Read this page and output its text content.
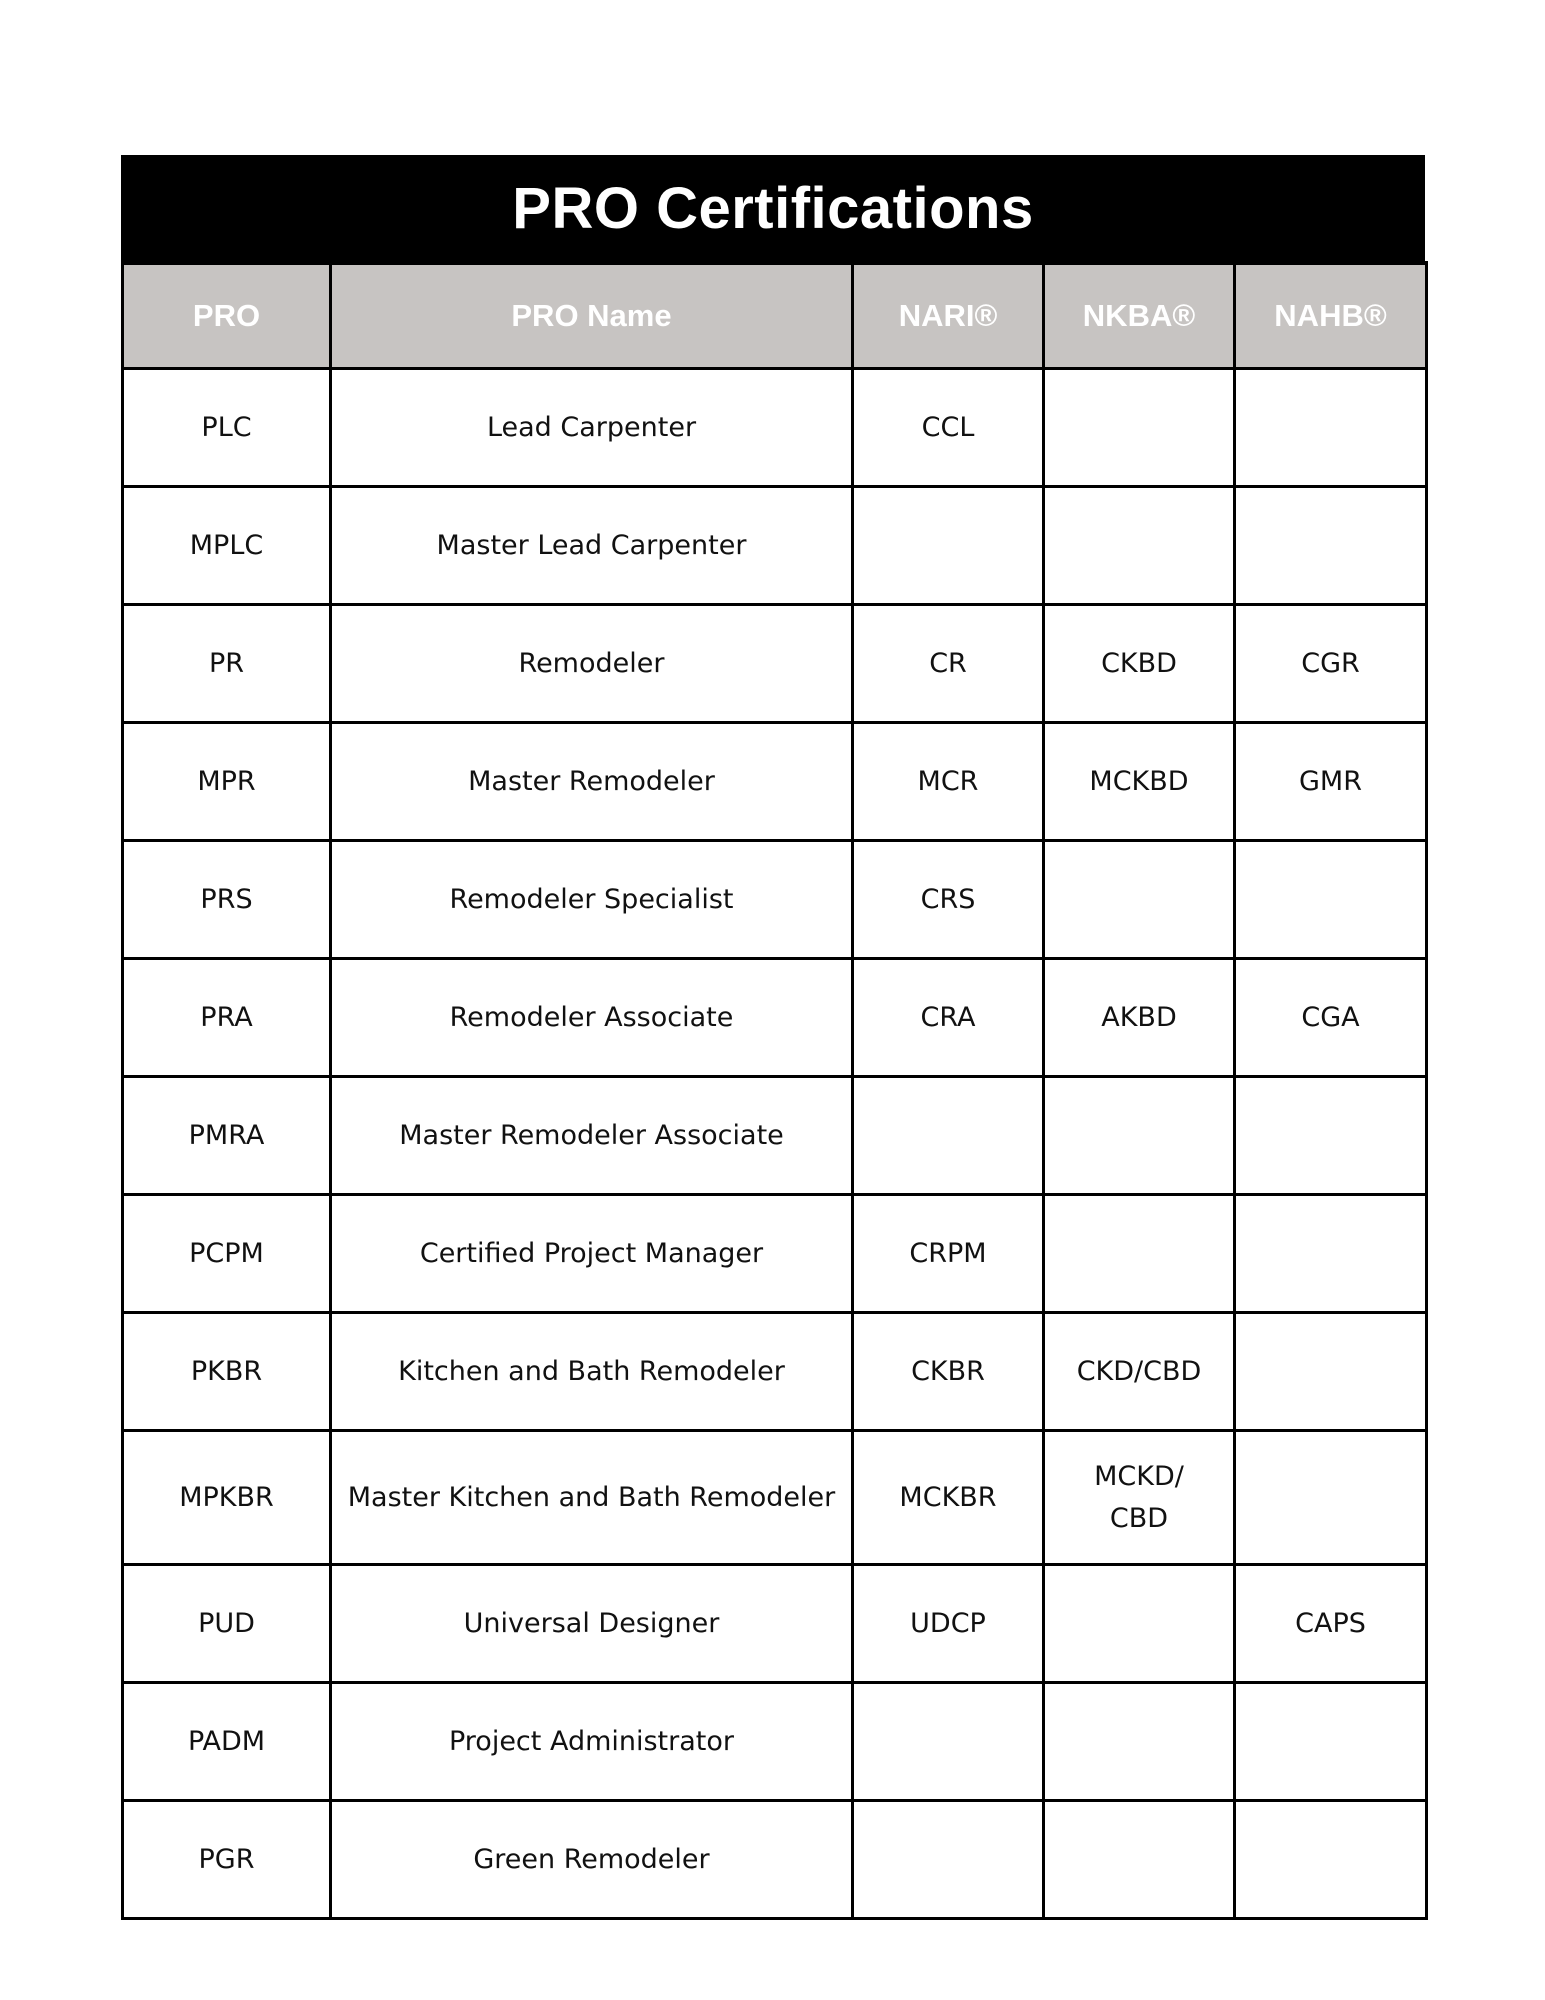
PRO Certifications
PRO	PRO Name	NARI®	NKBA®	NAHB®
PLC	Lead Carpenter	CCL		
MPLC	Master Lead Carpenter			
PR	Remodeler	CR	CKBD	CGR
MPR	Master Remodeler	MCR	MCKBD	GMR
PRS	Remodeler Specialist	CRS		
PRA	Remodeler Associate	CRA	AKBD	CGA
PMRA	Master Remodeler Associate			
PCPM	Certified Project Manager	CRPM		
PKBR	Kitchen and Bath Remodeler	CKBR	CKD/CBD	
MPKBR	Master Kitchen and Bath Remodeler	MCKBR	MCKD/ CBD	
PUD	Universal Designer	UDCP		CAPS
PADM	Project Administrator			
PGR	Green Remodeler			
